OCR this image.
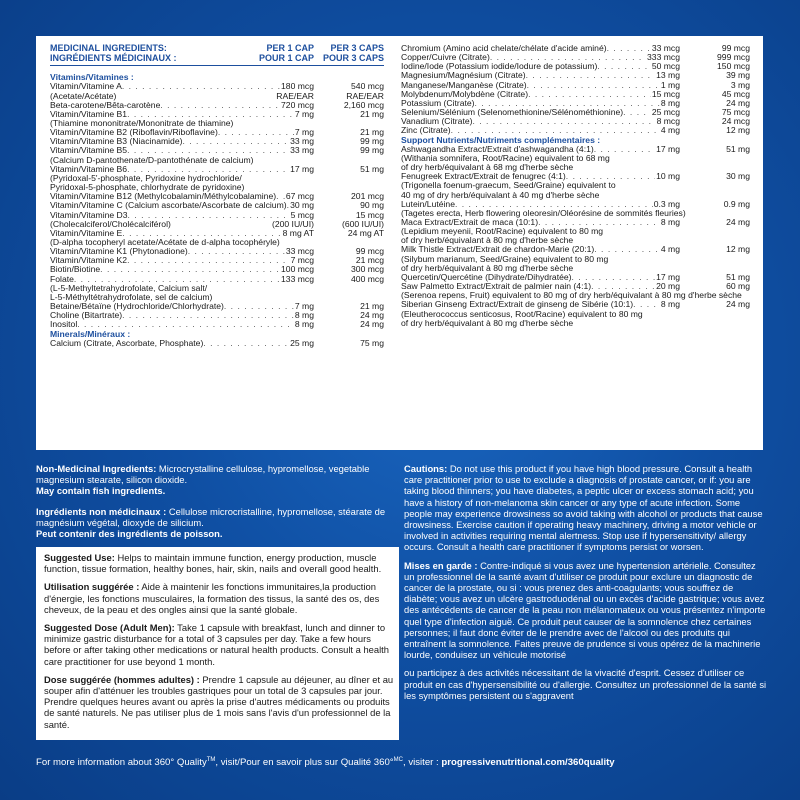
MEDICINAL INGREDIENTS:
INGRÉDIENTS MÉDICINAUX :
PER 1 CAP
POUR 1 CAP
PER 3 CAPS
POUR 3 CAPS
Vitamins/Vitamines :
Vitamin/Vitamine A . . .	180 mcg	540 mcg
(Acetate/Acétate)	RAE/EAR	RAE/EAR
Beta-carotene/Bêta-carotène . . .	720 mcg	2,160 mcg
Vitamin/Vitamine B1 . . .	7 mg	21 mg
(Thiamine mononitrate/Mononitrate de thiamine)
Vitamin/Vitamine B2 (Riboflavin/Riboflavine) . . .	7 mg	21 mg
Vitamin/Vitamine B3 (Niacinamide) . . .	33 mg	99 mg
Vitamin/Vitamine B5 . . .	33 mg	99 mg
(Calcium D-pantothenate/D-pantothénate de calcium)
Vitamin/Vitamine B6 . . .	17 mg	51 mg
(Pyridoxal-5'-phosphate, Pyridoxine hydrochloride/
Pyridoxal-5-phosphate, chlorhydrate de pyridoxine)
Vitamin/Vitamine B12 (Methylcobalamin/Méthylcobalamine) . . . 67 mcg	201 mcg
Vitamin/Vitamine C (Calcium ascorbate/Ascorbate de calcium) . . . 30 mg	90 mg
Vitamin/Vitamine D3 . . .	5 mcg	15 mcg
(Cholecalciferol/Cholécalciférol)	(200 IU/UI)	(600 IU/UI)
Vitamin/Vitamine E . . .	8 mg AT	24 mg AT
(D-alpha tocopheryl acetate/Acétate de d-alpha tocophéryle)
Vitamin/Vitamine K1 (Phytonadione) . . .	33 mcg	99 mcg
Vitamin/Vitamine K2 . . .	7 mcg	21 mcg
Biotin/Biotine . . .	100 mcg	300 mcg
Folate . . .	133 mcg	400 mcg
(L-5-Methyltetrahydrofolate, Calcium salt/
L-5-Méthyltétrahydrofolate, sel de calcium)
Betaine/Bétaïne (Hydrochloride/Chlorhydrate) . . .	7 mg	21 mg
Choline (Bitartrate) . . .	8 mg	24 mg
Inositol . . .	8 mg	24 mg
Minerals/Minéraux :
Calcium (Citrate, Ascorbate, Phosphate) . . .	25 mg	75 mg
Chromium (Amino acid chelate/chélate d'acide aminé) . . .	33 mcg	99 mcg
Copper/Cuivre (Citrate) . . .	333 mcg	999 mcg
Iodine/Iode (Potassium iodide/Iodure de potassium) . . .	50 mcg	150 mcg
Magnesium/Magnésium (Citrate) . . .	13 mg	39 mg
Manganese/Manganèse (Citrate) . . .	1 mg	3 mg
Molybdenum/Molybdène (Citrate) . . .	15 mcg	45 mcg
Potassium (Citrate) . . .	8 mg	24 mg
Selenium/Sélénium (Selenomethionine/Sélénométhionine) . . .	25 mcg	75 mcg
Vanadium (Citrate) . . .	8 mcg	24 mcg
Zinc (Citrate) . . .	4 mg	12 mg
Support Nutrients/Nutriments complémentaires :
Ashwagandha Extract/Extrait d'ashwagandha (4:1) . . .	17 mg	51 mg
(Withania somnifera, Root/Racine) equivalent to 68 mg
of dry herb/équivalant à 68 mg d'herbe sèche
Fenugreek Extract/Extrait de fenugrec (4:1) . . .	10 mg	30 mg
(Trigonella foenum-graecum, Seed/Graine) equivalent to
40 mg of dry herb/équivalant à 40 mg d'herbe sèche
Lutein/Lutéine . . .	0.3 mg	0.9 mg
(Tagetes erecta, Herb flowering oleoresin/Oléorésine de sommités fleuries)
Maca Extract/Extrait de maca (10:1) . . .	8 mg	24 mg
(Lepidium meyenii, Root/Racine) equivalent to 80 mg
of dry herb/équivalant à 80 mg d'herbe sèche
Milk Thistle Extract/Extrait de chardon-Marie (20:1) . . .	4 mg	12 mg
(Silybum marianum, Seed/Graine) equivalent to 80 mg
of dry herb/équivalant à 80 mg d'herbe sèche
Quercetin/Quercétine (Dihydrate/Dihydratée) . . .	17 mg	51 mg
Saw Palmetto Extract/Extrait de palmier nain (4:1) . . .	20 mg	60 mg
(Serenoa repens, Fruit) equivalent to 80 mg of dry herb/équivalant à 80 mg d'herbe sèche
Siberian Ginseng Extract/Extrait de ginseng de Sibérie (10:1) . . .	8 mg	24 mg
(Eleutherococcus senticosus, Root/Racine) equivalent to 80 mg
of dry herb/équivalant à 80 mg d'herbe sèche

Non-Medicinal Ingredients: Microcrystalline cellulose, hypromellose, vegetable magnesium stearate, silicon dioxide.
May contain fish ingredients.

Ingrédients non médicinaux : Cellulose microcristalline, hypromellose, stéarate de magnésium végétal, dioxyde de silicium.
Peut contenir des ingrédients de poisson.

Suggested Use: Helps to maintain immune function, energy production, muscle function, tissue formation, healthy bones, hair, skin, nails and overall good health.

Utilisation suggérée : Aide à maintenir les fonctions immunitaires,la production d'énergie, les fonctions musculaires, la formation des tissus, la santé des os, des cheveux, de la peau et des ongles ainsi que la santé globale.

Suggested Dose (Adult Men): Take 1 capsule with breakfast, lunch and dinner to minimize gastric disturbance for a total of 3 capsules per day. Take a few hours before or after taking other medications or natural health products. Consult a health care practitioner for use beyond 1 month.

Dose suggérée (hommes adultes) : Prendre 1 capsule au déjeuner, au dîner et au souper afin d'atténuer les troubles gastriques pour un total de 3 capsules par jour. Prendre quelques heures avant ou après la prise d'autres médicaments ou produits de santé naturels. Ne pas utiliser plus de 1 mois sans l'avis d'un professionnel de la santé.

Cautions: Do not use this product if you have high blood pressure. Consult a health care practitioner prior to use to exclude a diagnosis of prostate cancer, or if: you are taking blood thinners; you have diabetes, a peptic ulcer or excess stomach acid; you have a history of non-melanoma skin cancer or any type of acute infection. Some people may experience drowsiness so avoid taking with alcohol or products that cause drowsiness. Exercise caution if operating heavy machinery, driving a motor vehicle or involved in activities requiring mental alertness. Stop use if hypersensitivity/ allergy occurs. Consult a health care practitioner if symptoms persist or worsen.

Mises en garde : Contre-indiqué si vous avez une hypertension artérielle. Consultez un professionnel de la santé avant d'utiliser ce produit pour exclure un diagnostic de cancer de la prostate, ou si : vous prenez des anti-coagulants; vous souffrez de diabète; vous avez un ulcère gastroduodénal ou un excès d'acide gastrique; vous avez des antécédents de cancer de la peau non mélanomateux ou vous présentez n'importe quel type d'infection aiguë. Ce produit peut causer de la somnolence chez certaines personnes; il faut donc éviter de le prendre avec de l'alcool ou des produits qui entraînent la somnolence. Faites preuve de prudence si vous opérez de la machinerie lourde, conduisez un véhicule motorisé

ou participez à des activités nécessitant de la vivacité d'esprit. Cessez d'utiliser ce produit en cas d'hypersensibilité ou d'allergie. Consultez un professionnel de la santé si les symptômes persistent ou s'aggravent

For more information about 360° Quality™, visit/Pour en savoir plus sur Qualité 360°$^{MC}$, visiter : progressivenutritional.com/360quality
